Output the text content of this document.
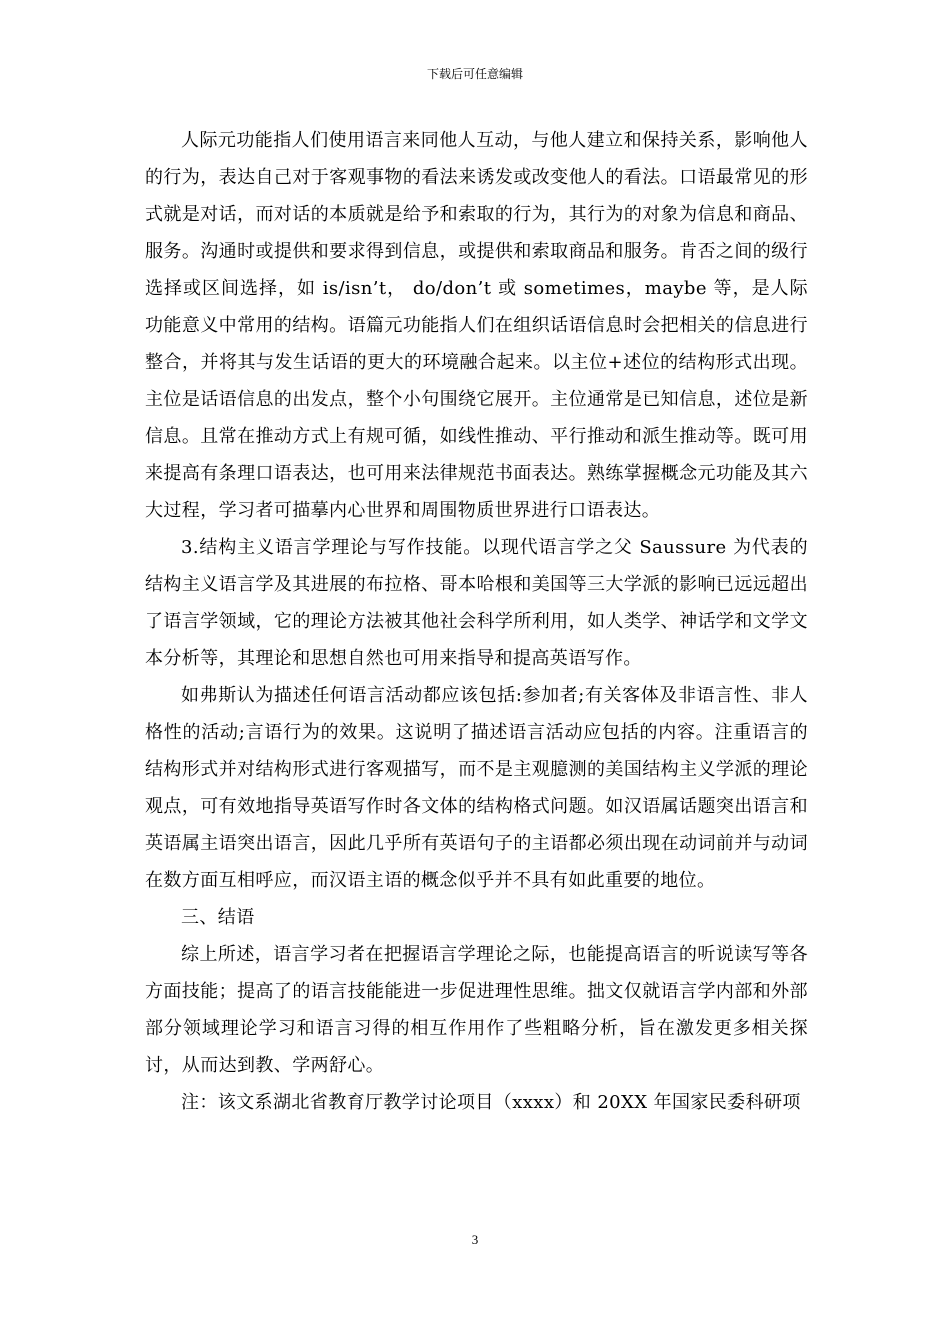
下载后可任意编辑

人际元功能指人们使用语言来同他人互动，与他人建立和保持关系，影响他人的行为，表达自己对于客观事物的看法来诱发或改变他人的看法。口语最常见的形式就是对话，而对话的本质就是给予和索取的行为，其行为的对象为信息和商品、服务。沟通时或提供和要求得到信息，或提供和索取商品和服务。肯否之间的级行选择或区间选择，如 is/isn’t， do/don’t 或 sometimes，maybe 等，是人际功能意义中常用的结构。语篇元功能指人们在组织话语信息时会把相关的信息进行整合，并将其与发生话语的更大的环境融合起来。以主位+述位的结构形式出现。主位是话语信息的出发点，整个小句围绕它展开。主位通常是已知信息，述位是新信息。且常在推动方式上有规可循，如线性推动、平行推动和派生推动等。既可用来提高有条理口语表达，也可用来法律规范书面表达。熟练掌握概念元功能及其六大过程，学习者可描摹内心世界和周围物质世界进行口语表达。

3.结构主义语言学理论与写作技能。以现代语言学之父 Saussure 为代表的结构主义语言学及其进展的布拉格、哥本哈根和美国等三大学派的影响已远远超出了语言学领域，它的理论方法被其他社会科学所利用，如人类学、神话学和文学文本分析等，其理论和思想自然也可用来指导和提高英语写作。

如弗斯认为描述任何语言活动都应该包括:参加者;有关客体及非语言性、非人格性的活动;言语行为的效果。这说明了描述语言活动应包括的内容。注重语言的结构形式并对结构形式进行客观描写，而不是主观臆测的美国结构主义学派的理论观点，可有效地指导英语写作时各文体的结构格式问题。如汉语属话题突出语言和英语属主语突出语言，因此几乎所有英语句子的主语都必须出现在动词前并与动词在数方面互相呼应，而汉语主语的概念似乎并不具有如此重要的地位。

三、结语

综上所述，语言学习者在把握语言学理论之际，也能提高语言的听说读写等各方面技能；提高了的语言技能能进一步促进理性思维。拙文仅就语言学内部和外部部分领域理论学习和语言习得的相互作用作了些粗略分析，旨在激发更多相关探讨，从而达到教、学两舒心。

注：该文系湖北省教育厅教学讨论项目（xxxx）和 20XX 年国家民委科研项

3
